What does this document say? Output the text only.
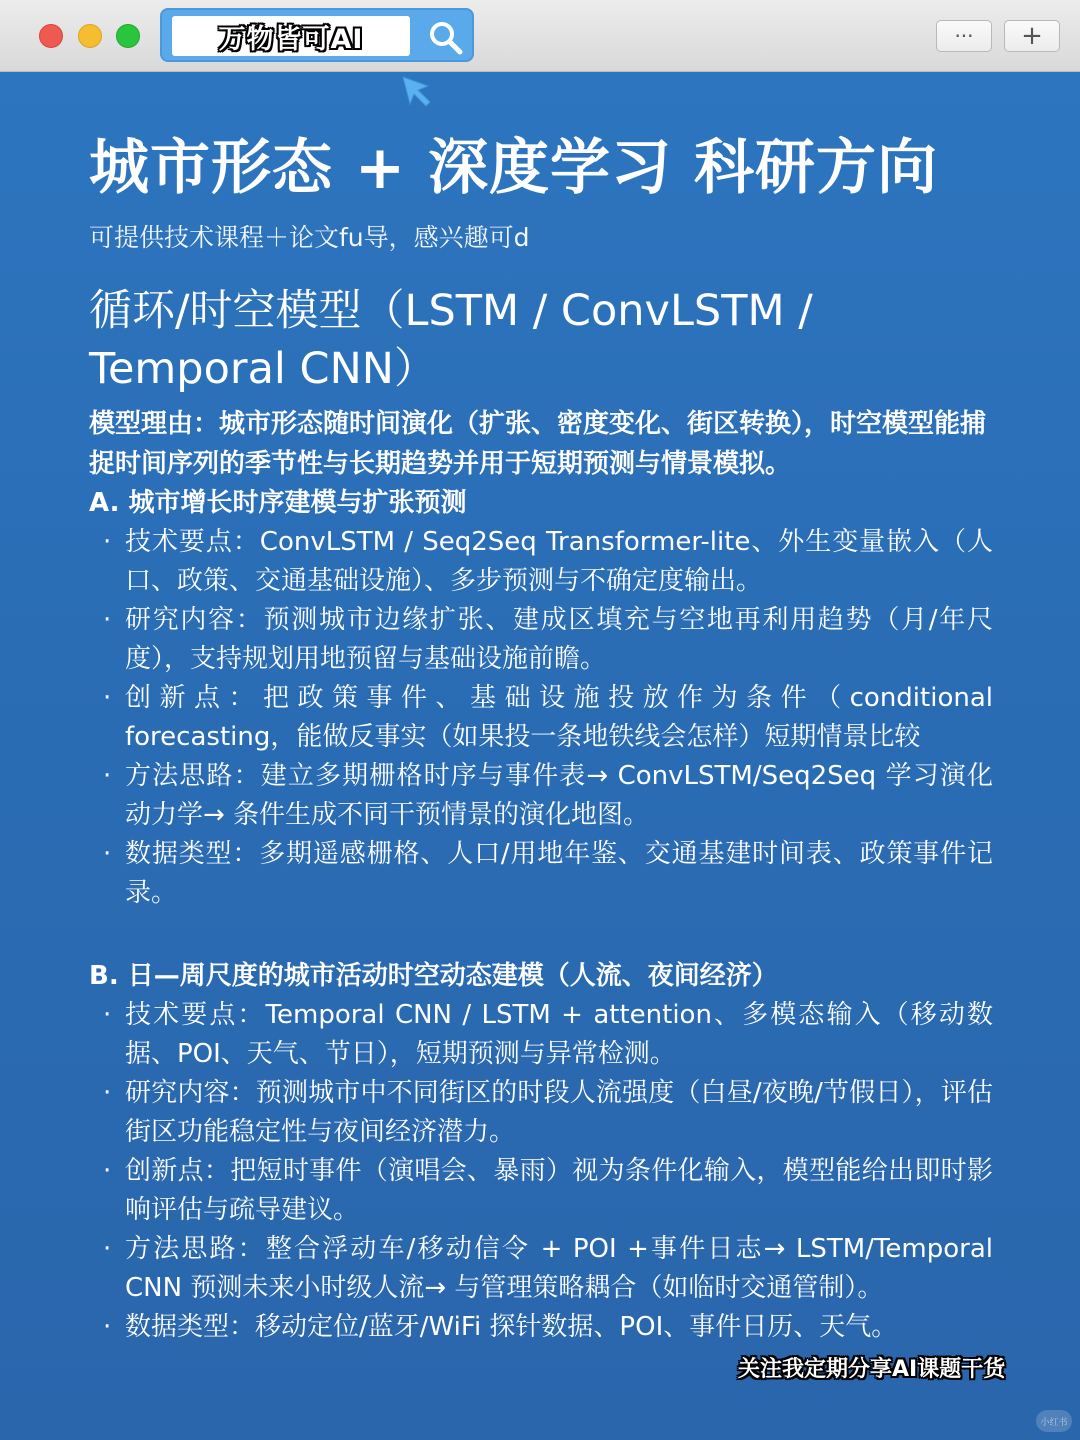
万物皆可AI	···	+
城市形态 + 深度学习 科研方向

可提供技术课程＋论文fu导，感兴趣可d

循环/时空模型（LSTM / ConvLSTM / Temporal CNN）

模型理由：城市形态随时间演化（扩张、密度变化、街区转换），时空模型能捕捉时间序列的季节性与长期趋势并用于短期预测与情景模拟。

A. 城市增长时序建模与扩张预测
· 技术要点：ConvLSTM / Seq2Seq Transformer-lite、外生变量嵌入（人口、政策、交通基础设施）、多步预测与不确定度输出。
· 研究内容：预测城市边缘扩张、建成区填充与空地再利用趋势（月/年尺度），支持规划用地预留与基础设施前瞻。
· 创新点：把政策事件、基础设施投放作为条件（conditional forecasting，能做反事实（如果投一条地铁线会怎样）短期情景比较
· 方法思路：建立多期栅格时序与事件表→ ConvLSTM/Seq2Seq 学习演化动力学→ 条件生成不同干预情景的演化地图。
· 数据类型：多期遥感栅格、人口/用地年鉴、交通基建时间表、政策事件记录。
B. 日—周尺度的城市活动时空动态建模（人流、夜间经济）
· 技术要点：Temporal CNN / LSTM + attention、多模态输入（移动数据、POI、天气、节日），短期预测与异常检测。
· 研究内容：预测城市中不同街区的时段人流强度（白昼/夜晚/节假日），评估街区功能稳定性与夜间经济潜力。
· 创新点：把短时事件（演唱会、暴雨）视为条件化输入，模型能给出即时影响评估与疏导建议。
· 方法思路：整合浮动车/移动信令 + POI +事件日志→ LSTM/Temporal CNN 预测未来小时级人流→ 与管理策略耦合（如临时交通管制）。
· 数据类型：移动定位/蓝牙/WiFi 探针数据、POI、事件日历、天气。
关注我定期分享AI课题干货
小红书
